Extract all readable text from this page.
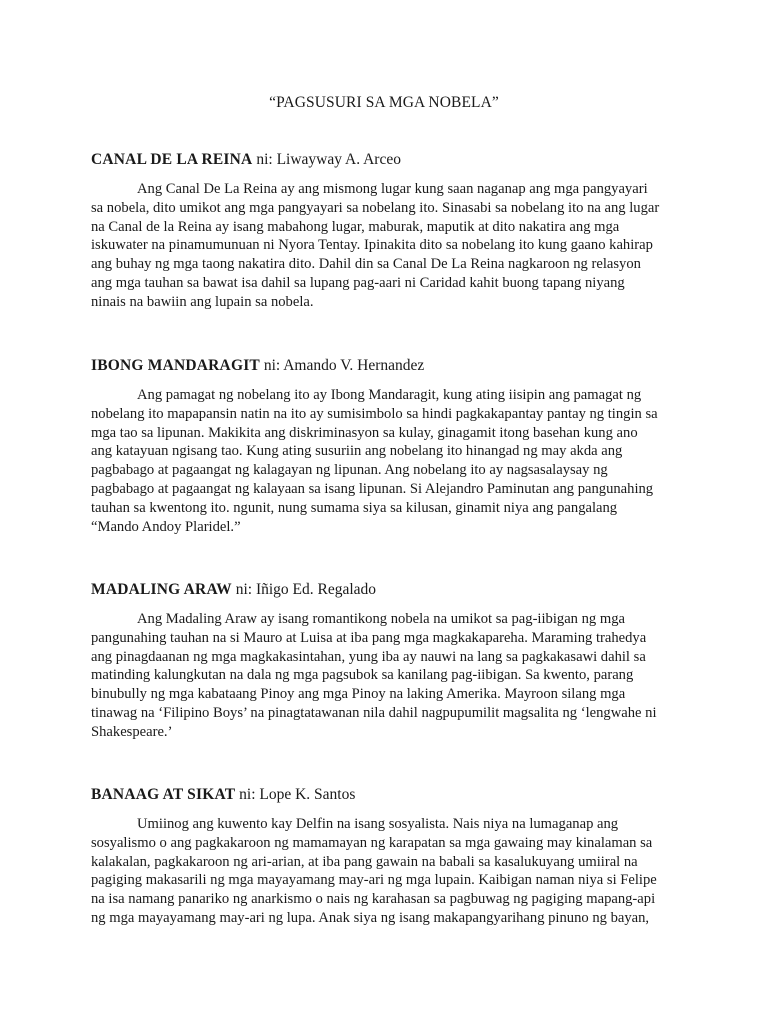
“PAGSUSURI SA MGA NOBELA”
CANAL DE LA REINA ni: Liwayway A. Arceo
Ang Canal De La Reina ay ang mismong lugar kung saan naganap ang mga pangyayari
sa nobela, dito umikot ang mga pangyayari sa nobelang ito. Sinasabi sa nobelang ito na ang lugar
na Canal de la Reina ay isang mabahong lugar, maburak, maputik at dito nakatira ang mga
iskuwater na pinamumunuan ni Nyora Tentay. Ipinakita dito sa nobelang ito kung gaano kahirap
ang buhay ng mga taong nakatira dito. Dahil din sa Canal De La Reina nagkaroon ng relasyon
ang mga tauhan sa bawat isa dahil sa lupang pag-aari ni Caridad kahit buong tapang niyang
ninais na bawiin ang lupain sa nobela.
IBONG MANDARAGIT ni: Amando V. Hernandez
Ang pamagat ng nobelang ito ay Ibong Mandaragit, kung ating iisipin ang pamagat ng
nobelang ito mapapansin natin na ito ay sumisimbolo sa hindi pagkakapantay pantay ng tingin sa
mga tao sa lipunan. Makikita ang diskriminasyon sa kulay, ginagamit itong basehan kung ano
ang katayuan ngisang tao. Kung ating susuriin ang nobelang ito hinangad ng may akda ang
pagbabago at pagaangat ng kalagayan ng lipunan. Ang nobelang ito ay nagsasalaysay ng
pagbabago at pagaangat ng kalayaan sa isang lipunan. Si Alejandro Paminutan ang pangunahing
tauhan sa kwentong ito. ngunit, nung sumama siya sa kilusan, ginamit niya ang pangalang
“Mando Andoy Plaridel.”
MADALING ARAW ni: Iñigo Ed. Regalado
Ang Madaling Araw ay isang romantikong nobela na umikot sa pag-iibigan ng mga
pangunahing tauhan na si Mauro at Luisa at iba pang mga magkakapareha. Maraming trahedya
ang pinagdaanan ng mga magkakasintahan, yung iba ay nauwi na lang sa pagkakasawi dahil sa
matinding kalungkutan na dala ng mga pagsubok sa kanilang pag-iibigan. Sa kwento, parang
binubully ng mga kabataang Pinoy ang mga Pinoy na laking Amerika. Mayroon silang mga
tinawag na ‘Filipino Boys’ na pinagtatawanan nila dahil nagpupumilit magsalita ng ‘lengwahe ni
Shakespeare.’
BANAAG AT SIKAT ni: Lope K. Santos
Umiinog ang kuwento kay Delfin na isang sosyalista. Nais niya na lumaganap ang
sosyalismo o ang pagkakaroon ng mamamayan ng karapatan sa mga gawaing may kinalaman sa
kalakalan, pagkakaroon ng ari-arian, at iba pang gawain na babali sa kasalukuyang umiiral na
pagiging makasarili ng mga mayayamang may-ari ng mga lupain. Kaibigan naman niya si Felipe
na isa namang panariko ng anarkismo o nais ng karahasan sa pagbuwag ng pagiging mapang-api
ng mga mayayamang may-ari ng lupa. Anak siya ng isang makapangyarihang pinuno ng bayan,
